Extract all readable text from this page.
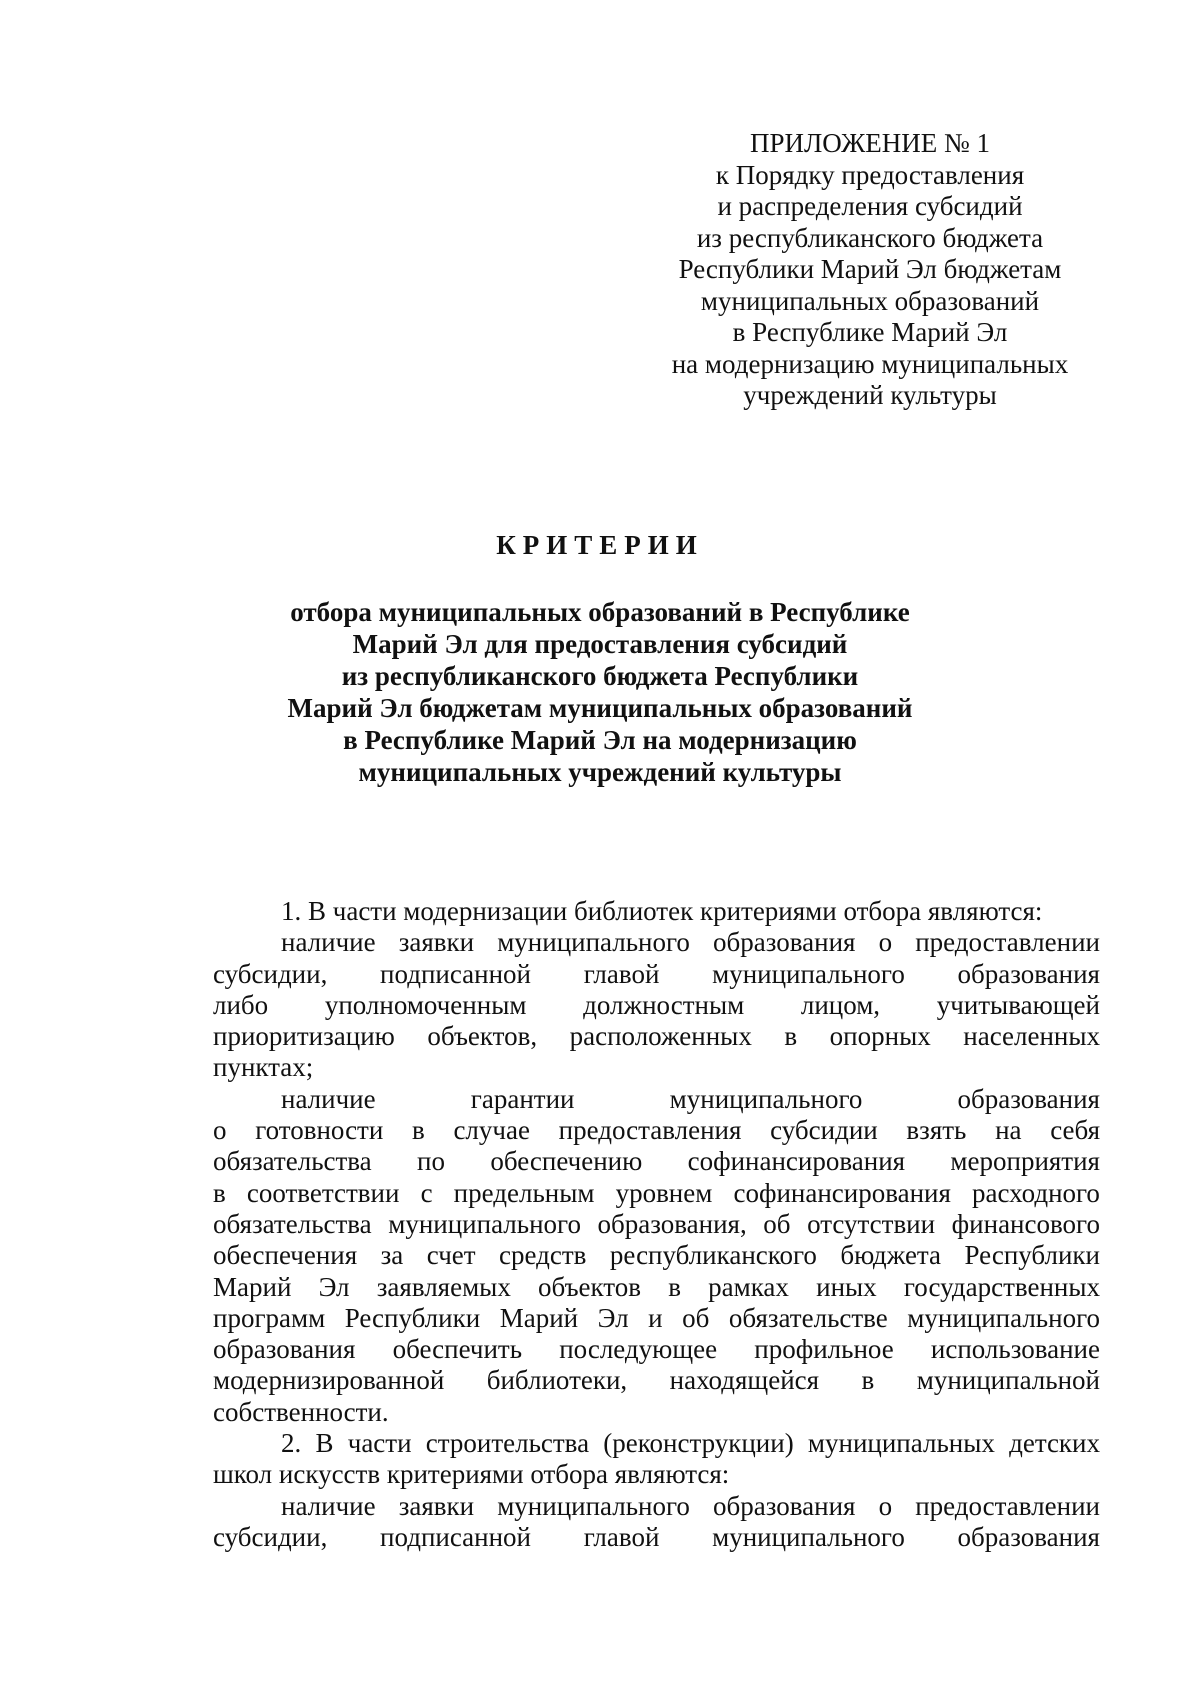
ПРИЛОЖЕНИЕ № 1
к Порядку предоставления
и распределения субсидий
из республиканского бюджета
Республики Марий Эл бюджетам
муниципальных образований
в Республике Марий Эл
на модернизацию муниципальных
учреждений культуры
КРИТЕРИИ
отбора муниципальных образований в Республике
Марий Эл для предоставления субсидий
из республиканского бюджета Республики
Марий Эл бюджетам муниципальных образований
в Республике Марий Эл на модернизацию
муниципальных учреждений культуры
1. В части модернизации библиотек критериями отбора являются:
наличие заявки муниципального образования о предоставлении
субсидии, подписанной главой муниципального образования
либо уполномоченным должностным лицом, учитывающей
приоритизацию объектов, расположенных в опорных населенных
пунктах;
наличие	гарантии	муниципального	образования
о готовности в случае предоставления субсидии взять на себя
обязательства по обеспечению софинансирования мероприятия
в соответствии с предельным уровнем софинансирования расходного
обязательства муниципального образования, об отсутствии финансового
обеспечения за счет средств республиканского бюджета Республики
Марий Эл заявляемых объектов в рамках иных государственных
программ Республики Марий Эл и об обязательстве муниципального
образования обеспечить последующее профильное использование
модернизированной библиотеки, находящейся в муниципальной
собственности.
2. В части строительства (реконструкции) муниципальных детских
школ искусств критериями отбора являются:
наличие заявки муниципального образования о предоставлении
субсидии, подписанной главой муниципального образования
